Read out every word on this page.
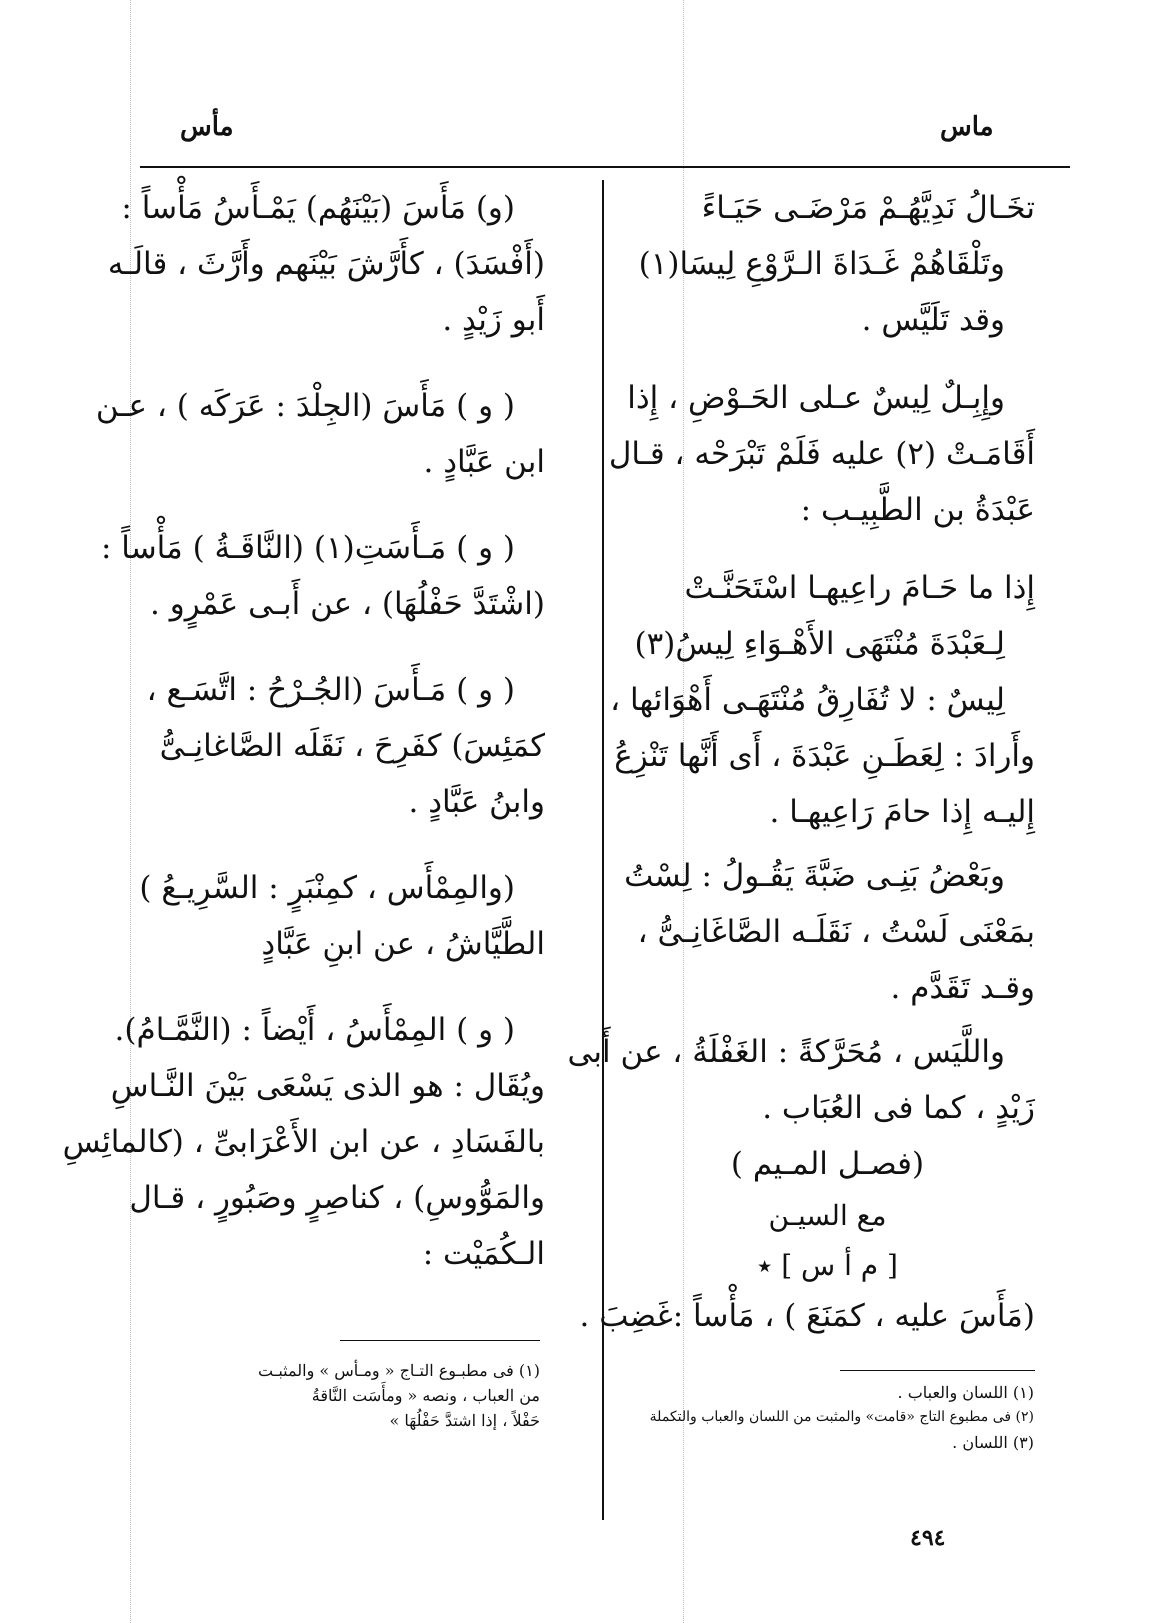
ماس
مأس
تخَـالُ نَدِيَّهُـمْ مَرْضَـى حَيَـاءً
وتَلْقَاهُمْ غَـدَاةَ الـرَّوْعِ لِيسَا(١)
وقد تَلَيَّس .
وإِبِـلٌ لِيسٌ عـلى الحَـوْضِ ، إِذا
أَقَامَـتْ (٢) عليه فَلَمْ تَبْرَحْه ، قـال
عَبْدَةُ بن الطَّبِيـب :
إِذا ما حَـامَ راعِيهـا اسْتَحَنَّـتْ
لِـعَبْدَةَ مُنْتَهَى الأَهْـوَاءِ لِيسُ(٣)
لِيسٌ : لا تُفَارِقُ مُنْتَهَـى أَهْوَائها ،
وأَرادَ : لِعَطَـنِ عَبْدَةَ ، أَى أَنَّها تَنْزِعُ
إِليـه إِذا حامَ رَاعِيهـا .
وبَعْضُ بَنِـى ضَبَّةَ يَقُـولُ : لِسْتُ
بمَعْنَى لَسْتُ ، نَقَلَـه الصَّاغَانِـىُّ ،
وقـد تَقَدَّم .
واللَّيَس ، مُحَرَّكةً : الغَفْلَةُ ، عن أَبى
زَيْدٍ ، كما فى العُبَاب .
(فصـل المـيم )
مع السيـن
[ م أ س ] ٭
(مَأَسَ عليه ، كمَنَعَ ) ، مَأْساً :غَضِبَ .
(و) مَأَسَ (بَيْنَهُم) يَمْـأَسُ مَأْساً :
(أَفْسَدَ) ، كأَرَّشَ بَيْنَهم وأَرَّثَ ، قالَـه
أَبو زَيْدٍ .
( و ) مَأَسَ (الجِلْدَ : عَرَكَه ) ، عـن
ابن عَبَّادٍ .
( و ) مَـأَسَتِ(١) (النَّاقَـةُ ) مَأْساً :
(اشْتَدَّ حَفْلُهَا) ، عن أَبـى عَمْرٍو .
( و ) مَـأَسَ (الجُـرْحُ : اتَّسَـع ،
كمَئِسَ) كفَرِحَ ، نَقَلَه الصَّاغانِـىُّ
وابنُ عَبَّادٍ .
(والمِمْأَس ، كمِنْبَرٍ : السَّرِيـعُ )
الطَّيَّاشُ ، عن ابنِ عَبَّادٍ
( و ) المِمْأَسُ ، أَيْضاً : (النَّمَّـامُ).
ويُقَال : هو الذى يَسْعَى بَيْنَ النَّـاسِ
بالفَسَادِ ، عن ابن الأَعْرَابىِّ ، (كالمائِسِ
والمَوُّوسِ) ، كناصِرٍ وصَبُورٍ ، قـال
الـكُمَيْت :
(١) فى مطبـوع التـاج « ومـأس » والمثبـت
من العباب ، ونصه « ومأَسَت النَّاقةُ
حَفْلاً ، إذا اشتدَّ حَفْلُهَا »
(١) اللسان والعباب .
(٢) فى مطبوع التاج «قامت» والمثبت من اللسان والعباب والتكملة
(٣) اللسان .
٤٩٤
